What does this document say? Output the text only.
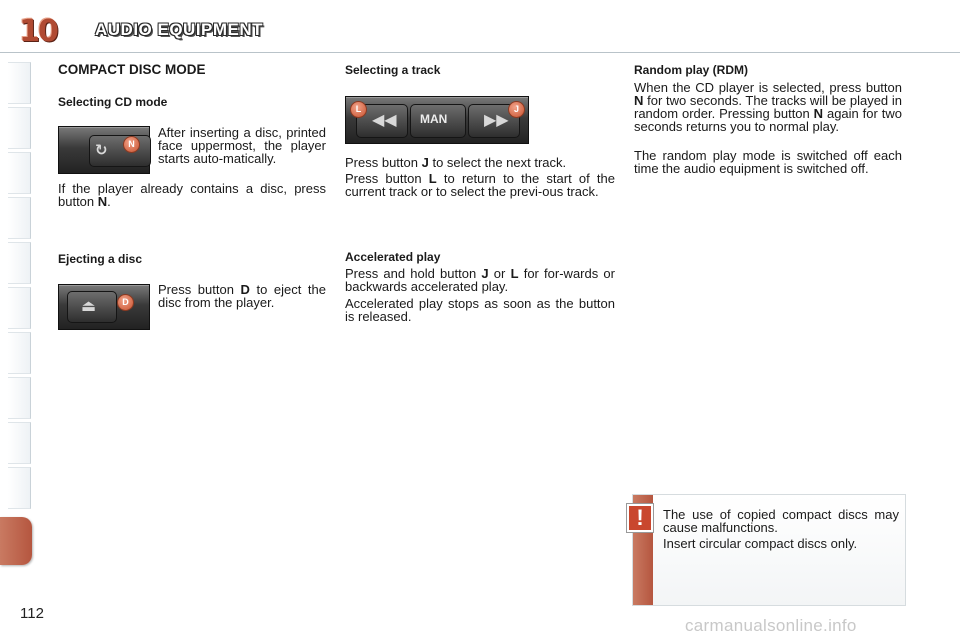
10 AUDIO EQUIPMENT
COMPACT DISC MODE
Selecting CD mode
↻	N

After inserting a disc, printed face uppermost, the player starts auto-matically.

If the player already contains a disc, press button N.

Ejecting a disc
⏏	D

Press button D to eject the disc from the player.

Selecting a track
◀◀ MAN ▶▶
L	J

Press button J to select the next track.

Press button L to return to the start of the current track or to select the previ-ous track.

Accelerated play

Press and hold button J or L for for-wards or backwards accelerated play.

Accelerated play stops as soon as the button is released.

Random play (RDM)

When the CD player is selected, press button N for two seconds. The tracks will be played in random order. Pressing button N again for two seconds returns you to normal play.

The random play mode is switched off each time the audio equipment is switched off.

The use of copied compact discs may cause malfunctions.

Insert circular compact discs only.

!
112
carmanualsonline.info
